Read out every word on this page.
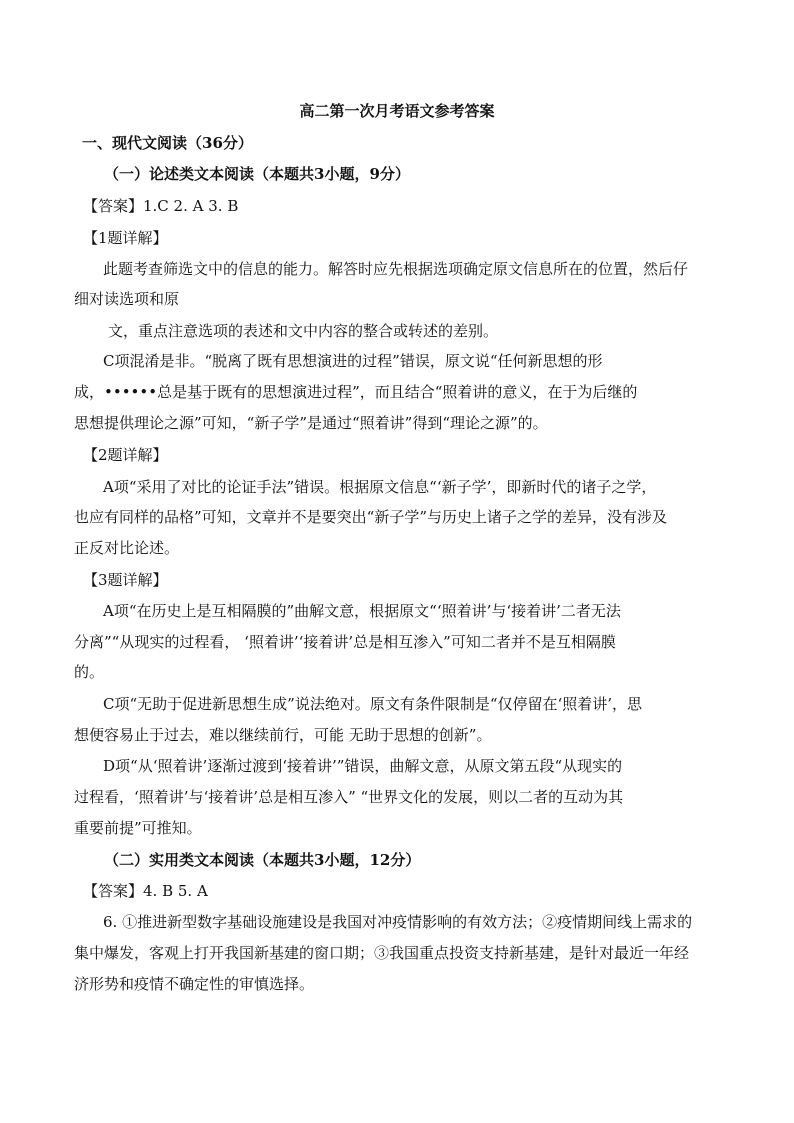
高二第一次月考语文参考答案
一、现代文阅读（36分）
（一）论述类文本阅读（本题共3小题，9分）
【答案】1.C 2. A 3. B
【1题详解】
此题考查筛选文中的信息的能力。解答时应先根据选项确定原文信息所在的位置，然后仔
细对读选项和原
文，重点注意选项的表述和文中内容的整合或转述的差别。
C项混淆是非。“脱离了既有思想演进的过程”错误，原文说“任何新思想的形
成，••••••总是基于既有的思想演进过程”，而且结合“照着讲的意义，在于为后继的
思想提供理论之源”可知，“新子学”是通过“照着讲”得到“理论之源”的。
【2题详解】
A项“采用了对比的论证手法”错误。根据原文信息“‘新子学’，即新时代的诸子之学，
也应有同样的品格”可知，文章并不是要突出“新子学”与历史上诸子之学的差异，没有涉及
正反对比论述。
【3题详解】
A项“在历史上是互相隔膜的”曲解文意，根据原文“‘照着讲’与‘接着讲’二者无法
分离”“从现实的过程看， ‘照着讲’‘接着讲’总是相互渗入”可知二者并不是互相隔膜
的。
C项“无助于促进新思想生成”说法绝对。原文有条件限制是“仅停留在‘照着讲’，思
想便容易止于过去，难以继续前行，可能 无助于思想的创新”。
D项“从‘照着讲’逐渐过渡到‘接着讲’”错误，曲解文意，从原文第五段“从现实的
过程看，‘照着讲’与‘接着讲’总是相互渗入” “世界文化的发展，则以二者的互动为其
重要前提”可推知。
（二）实用类文本阅读（本题共3小题，12分）
【答案】4. B 5. A
6. ①推进新型数字基础设施建设是我国对冲疫情影响的有效方法；②疫情期间线上需求的
集中爆发，客观上打开我国新基建的窗口期；③我国重点投资支持新基建，是针对最近一年经
济形势和疫情不确定性的审慎选择。
